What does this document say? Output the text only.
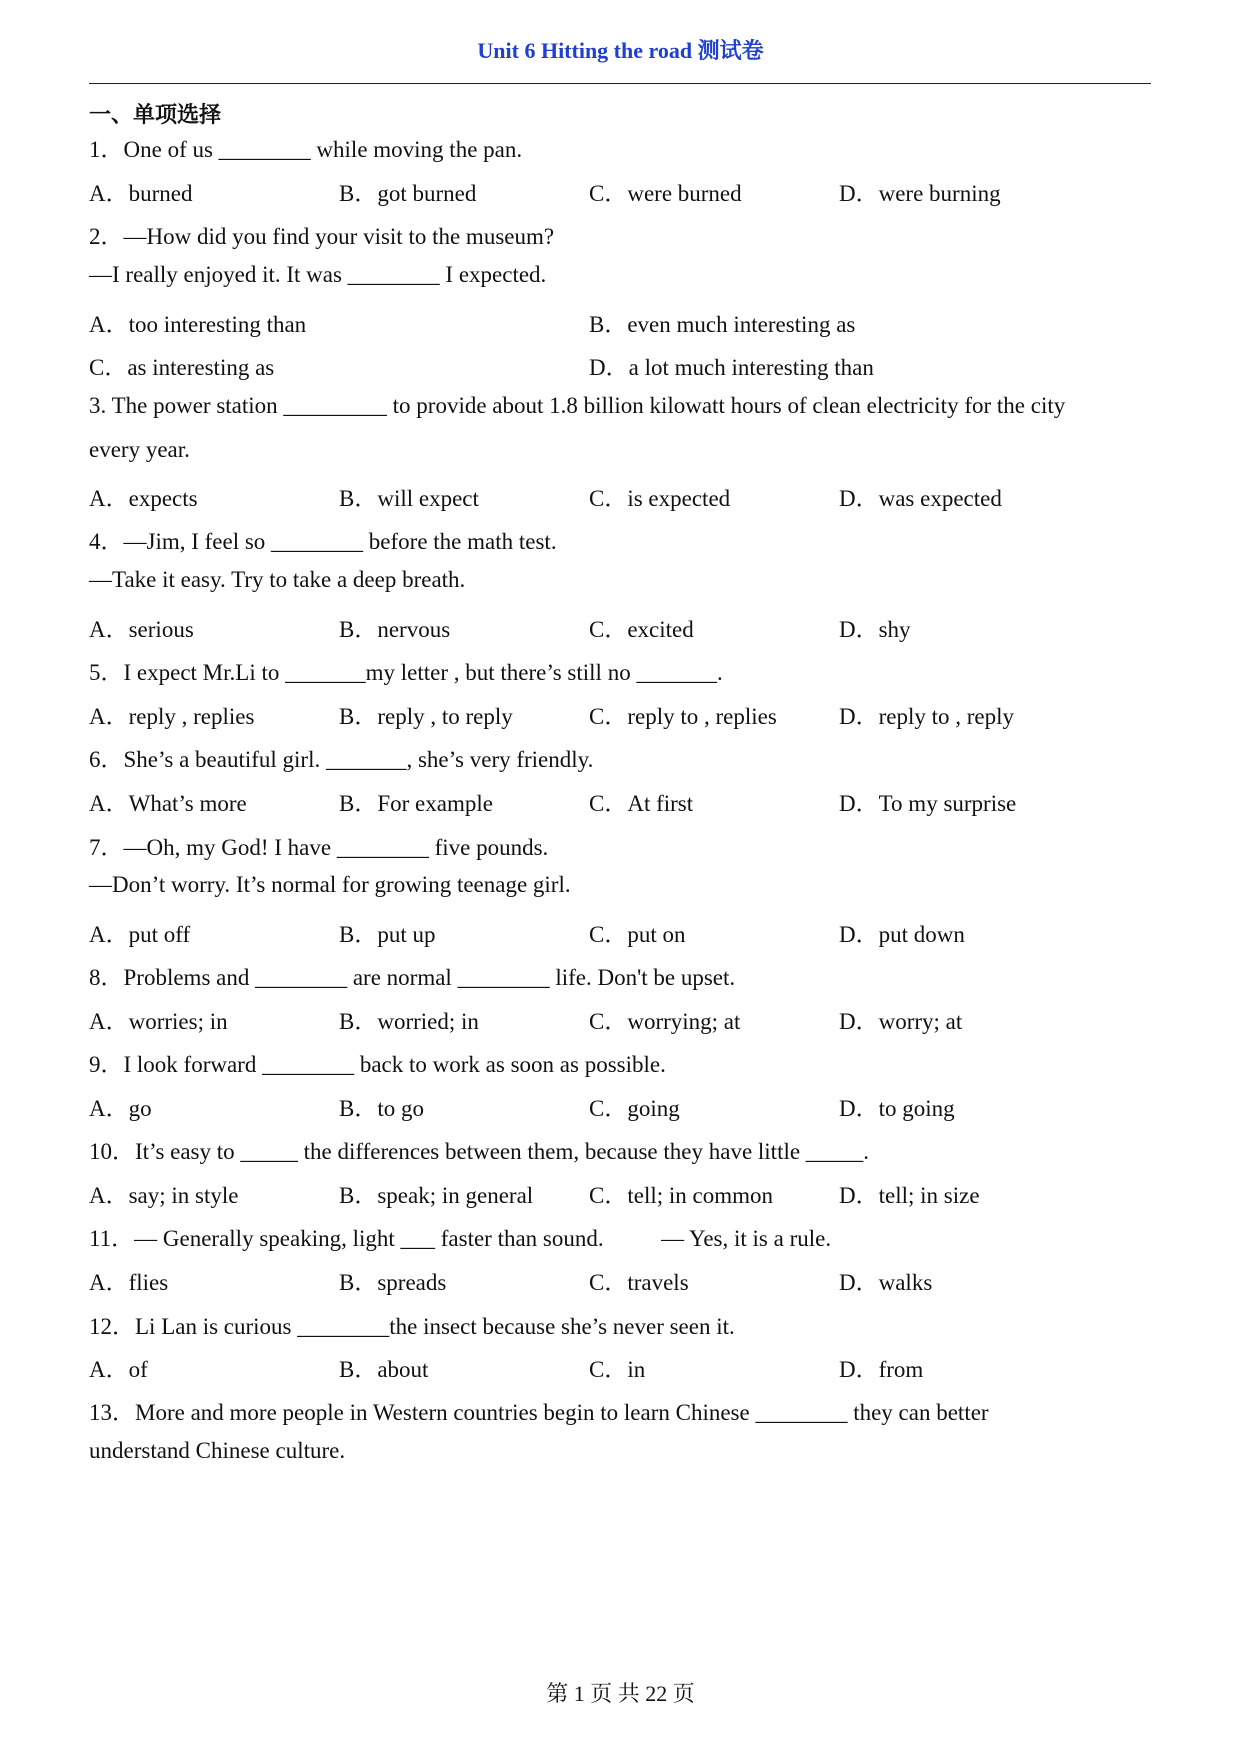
Unit 6 Hitting the road 测试卷
一、单项选择
1．One of us ________ while moving the pan.
A．burned	B．got burned	C．were burned	D．were burning
2．—How did you find your visit to the museum?
—I really enjoyed it. It was ________ I expected.
A．too interesting than	B．even much interesting as
C．as interesting as	D．a lot much interesting than
3. The power station _________ to provide about 1.8 billion kilowatt hours of clean electricity for the city
every year.
A．expects	B．will expect	C．is expected	D．was expected
4．—Jim, I feel so ________ before the math test.
—Take it easy. Try to take a deep breath.
A．serious	B．nervous	C．excited	D．shy
5．I expect Mr.Li to _______my letter , but there’s still no _______.
A．reply , replies	B．reply , to reply	C．reply to , replies	D．reply to , reply
6．She’s a beautiful girl. _______, she’s very friendly.
A．What’s more	B．For example	C．At first	D．To my surprise
7．—Oh, my God! I have ________ five pounds.
—Don’t worry. It’s normal for growing teenage girl.
A．put off	B．put up	C．put on	D．put down
8．Problems and ________ are normal ________ life. Don't be upset.
A．worries; in	B．worried; in	C．worrying; at	D．worry; at
9．I look forward ________ back to work as soon as possible.
A．go	B．to go	C．going	D．to going
10．It’s easy to _____ the differences between them, because they have little _____.
A．say; in style	B．speak; in general C．tell; in common	D．tell; in size
11．— Generally speaking, light ___ faster than sound.          — Yes, it is a rule.
A．flies	B．spreads	C．travels	D．walks
12．Li Lan is curious ________the insect because she’s never seen it.
A．of	B．about	C．in	D．from
13．More and more people in Western countries begin to learn Chinese ________ they can better
understand Chinese culture.
第 1 页 共 22 页
